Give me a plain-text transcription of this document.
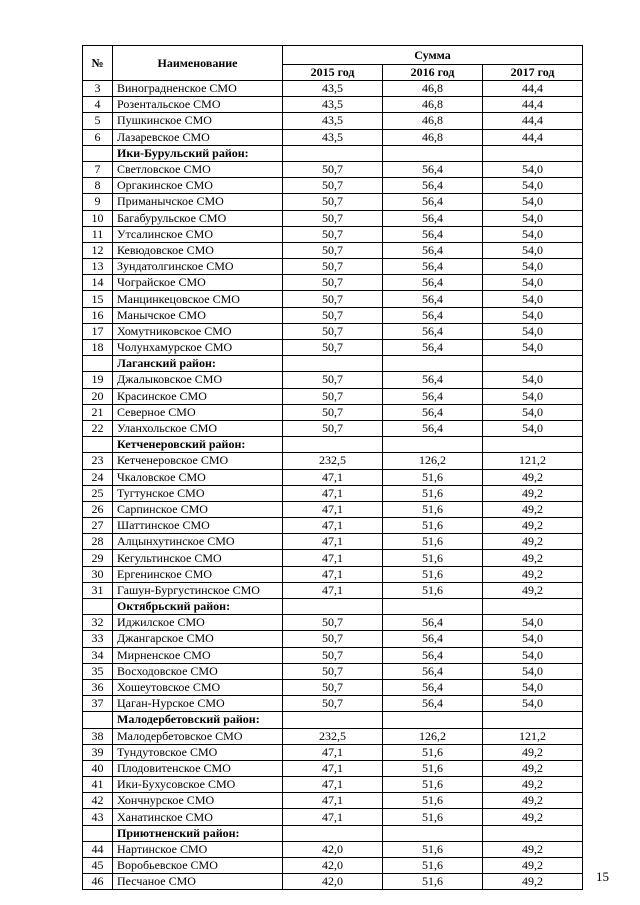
№	Наименование	Сумма		
		2015 год	2016 год	2017 год
3	Виноградненское СМО	43,5	46,8	44,4
4	Розентальское СМО	43,5	46,8	44,4
5	Пушкинское СМО	43,5	46,8	44,4
6	Лазаревское СМО	43,5	46,8	44,4
	Ики-Бурульский район:			
7	Светловское СМО	50,7	56,4	54,0
8	Оргакинское СМО	50,7	56,4	54,0
9	Приманычское СМО	50,7	56,4	54,0
10	Багабурульское СМО	50,7	56,4	54,0
11	Утсалинское СМО	50,7	56,4	54,0
12	Кевюдовское СМО	50,7	56,4	54,0
13	Зундатолгинское СМО	50,7	56,4	54,0
14	Чограйское СМО	50,7	56,4	54,0
15	Манцинкецовское СМО	50,7	56,4	54,0
16	Манычское СМО	50,7	56,4	54,0
17	Хомутниковское СМО	50,7	56,4	54,0
18	Чолунхамурское СМО	50,7	56,4	54,0
	Лаганский район:			
19	Джалыковское СМО	50,7	56,4	54,0
20	Красинское СМО	50,7	56,4	54,0
21	Северное СМО	50,7	56,4	54,0
22	Уланхольское СМО	50,7	56,4	54,0
	Кетченеровский район:			
23	Кетченеровское СМО	232,5	126,2	121,2
24	Чкаловское СМО	47,1	51,6	49,2
25	Тугтунское СМО	47,1	51,6	49,2
26	Сарпинское СМО	47,1	51,6	49,2
27	Шаттинское СМО	47,1	51,6	49,2
28	Алцынхутинское СМО	47,1	51,6	49,2
29	Кегультинское СМО	47,1	51,6	49,2
30	Ергенинское СМО	47,1	51,6	49,2
31	Гашун-Бургустинское СМО	47,1	51,6	49,2
	Октябрьский район:			
32	Иджилское СМО	50,7	56,4	54,0
33	Джангарское СМО	50,7	56,4	54,0
34	Мирненское СМО	50,7	56,4	54,0
35	Восходовское СМО	50,7	56,4	54,0
36	Хошеутовское СМО	50,7	56,4	54,0
37	Цаган-Нурское СМО	50,7	56,4	54,0
	Малодербетовский район:			
38	Малодербетовское СМО	232,5	126,2	121,2
39	Тундутовское СМО	47,1	51,6	49,2
40	Плодовитенское СМО	47,1	51,6	49,2
41	Ики-Бухусовское СМО	47,1	51,6	49,2
42	Хончнурское СМО	47,1	51,6	49,2
43	Ханатинское СМО	47,1	51,6	49,2
	Приютненский район:			
44	Нартинское СМО	42,0	51,6	49,2
45	Воробьевское СМО	42,0	51,6	49,2
46	Песчаное СМО	42,0	51,6	49,2	15
